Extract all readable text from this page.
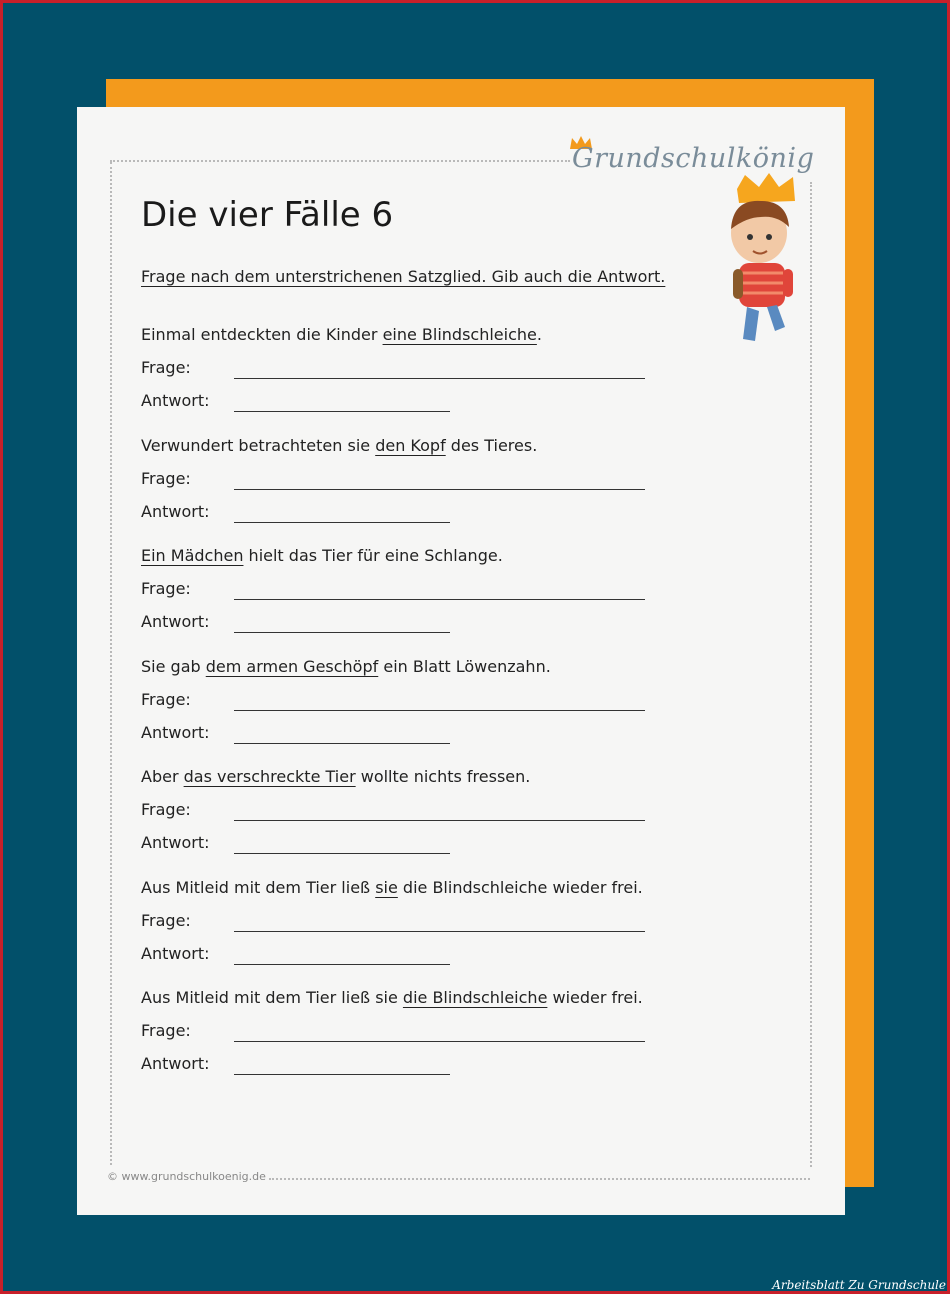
Grundschulkönig
Die vier Fälle 6
Frage nach dem unterstrichenen Satzglied. Gib auch die Antwort.
Einmal entdeckten die Kinder eine Blindschleiche.
Frage:
Antwort:
Verwundert betrachteten sie den Kopf des Tieres.
Frage:
Antwort:
Ein Mädchen hielt das Tier für eine Schlange.
Frage:
Antwort:
Sie gab dem armen Geschöpf ein Blatt Löwenzahn.
Frage:
Antwort:
Aber das verschreckte Tier wollte nichts fressen.
Frage:
Antwort:
Aus Mitleid mit dem Tier ließ sie die Blindschleiche wieder frei.
Frage:
Antwort:
Aus Mitleid mit dem Tier ließ sie die Blindschleiche wieder frei.
Frage:
Antwort:
© www.grundschulkoenig.de
Arbeitsblatt Zu Grundschule
